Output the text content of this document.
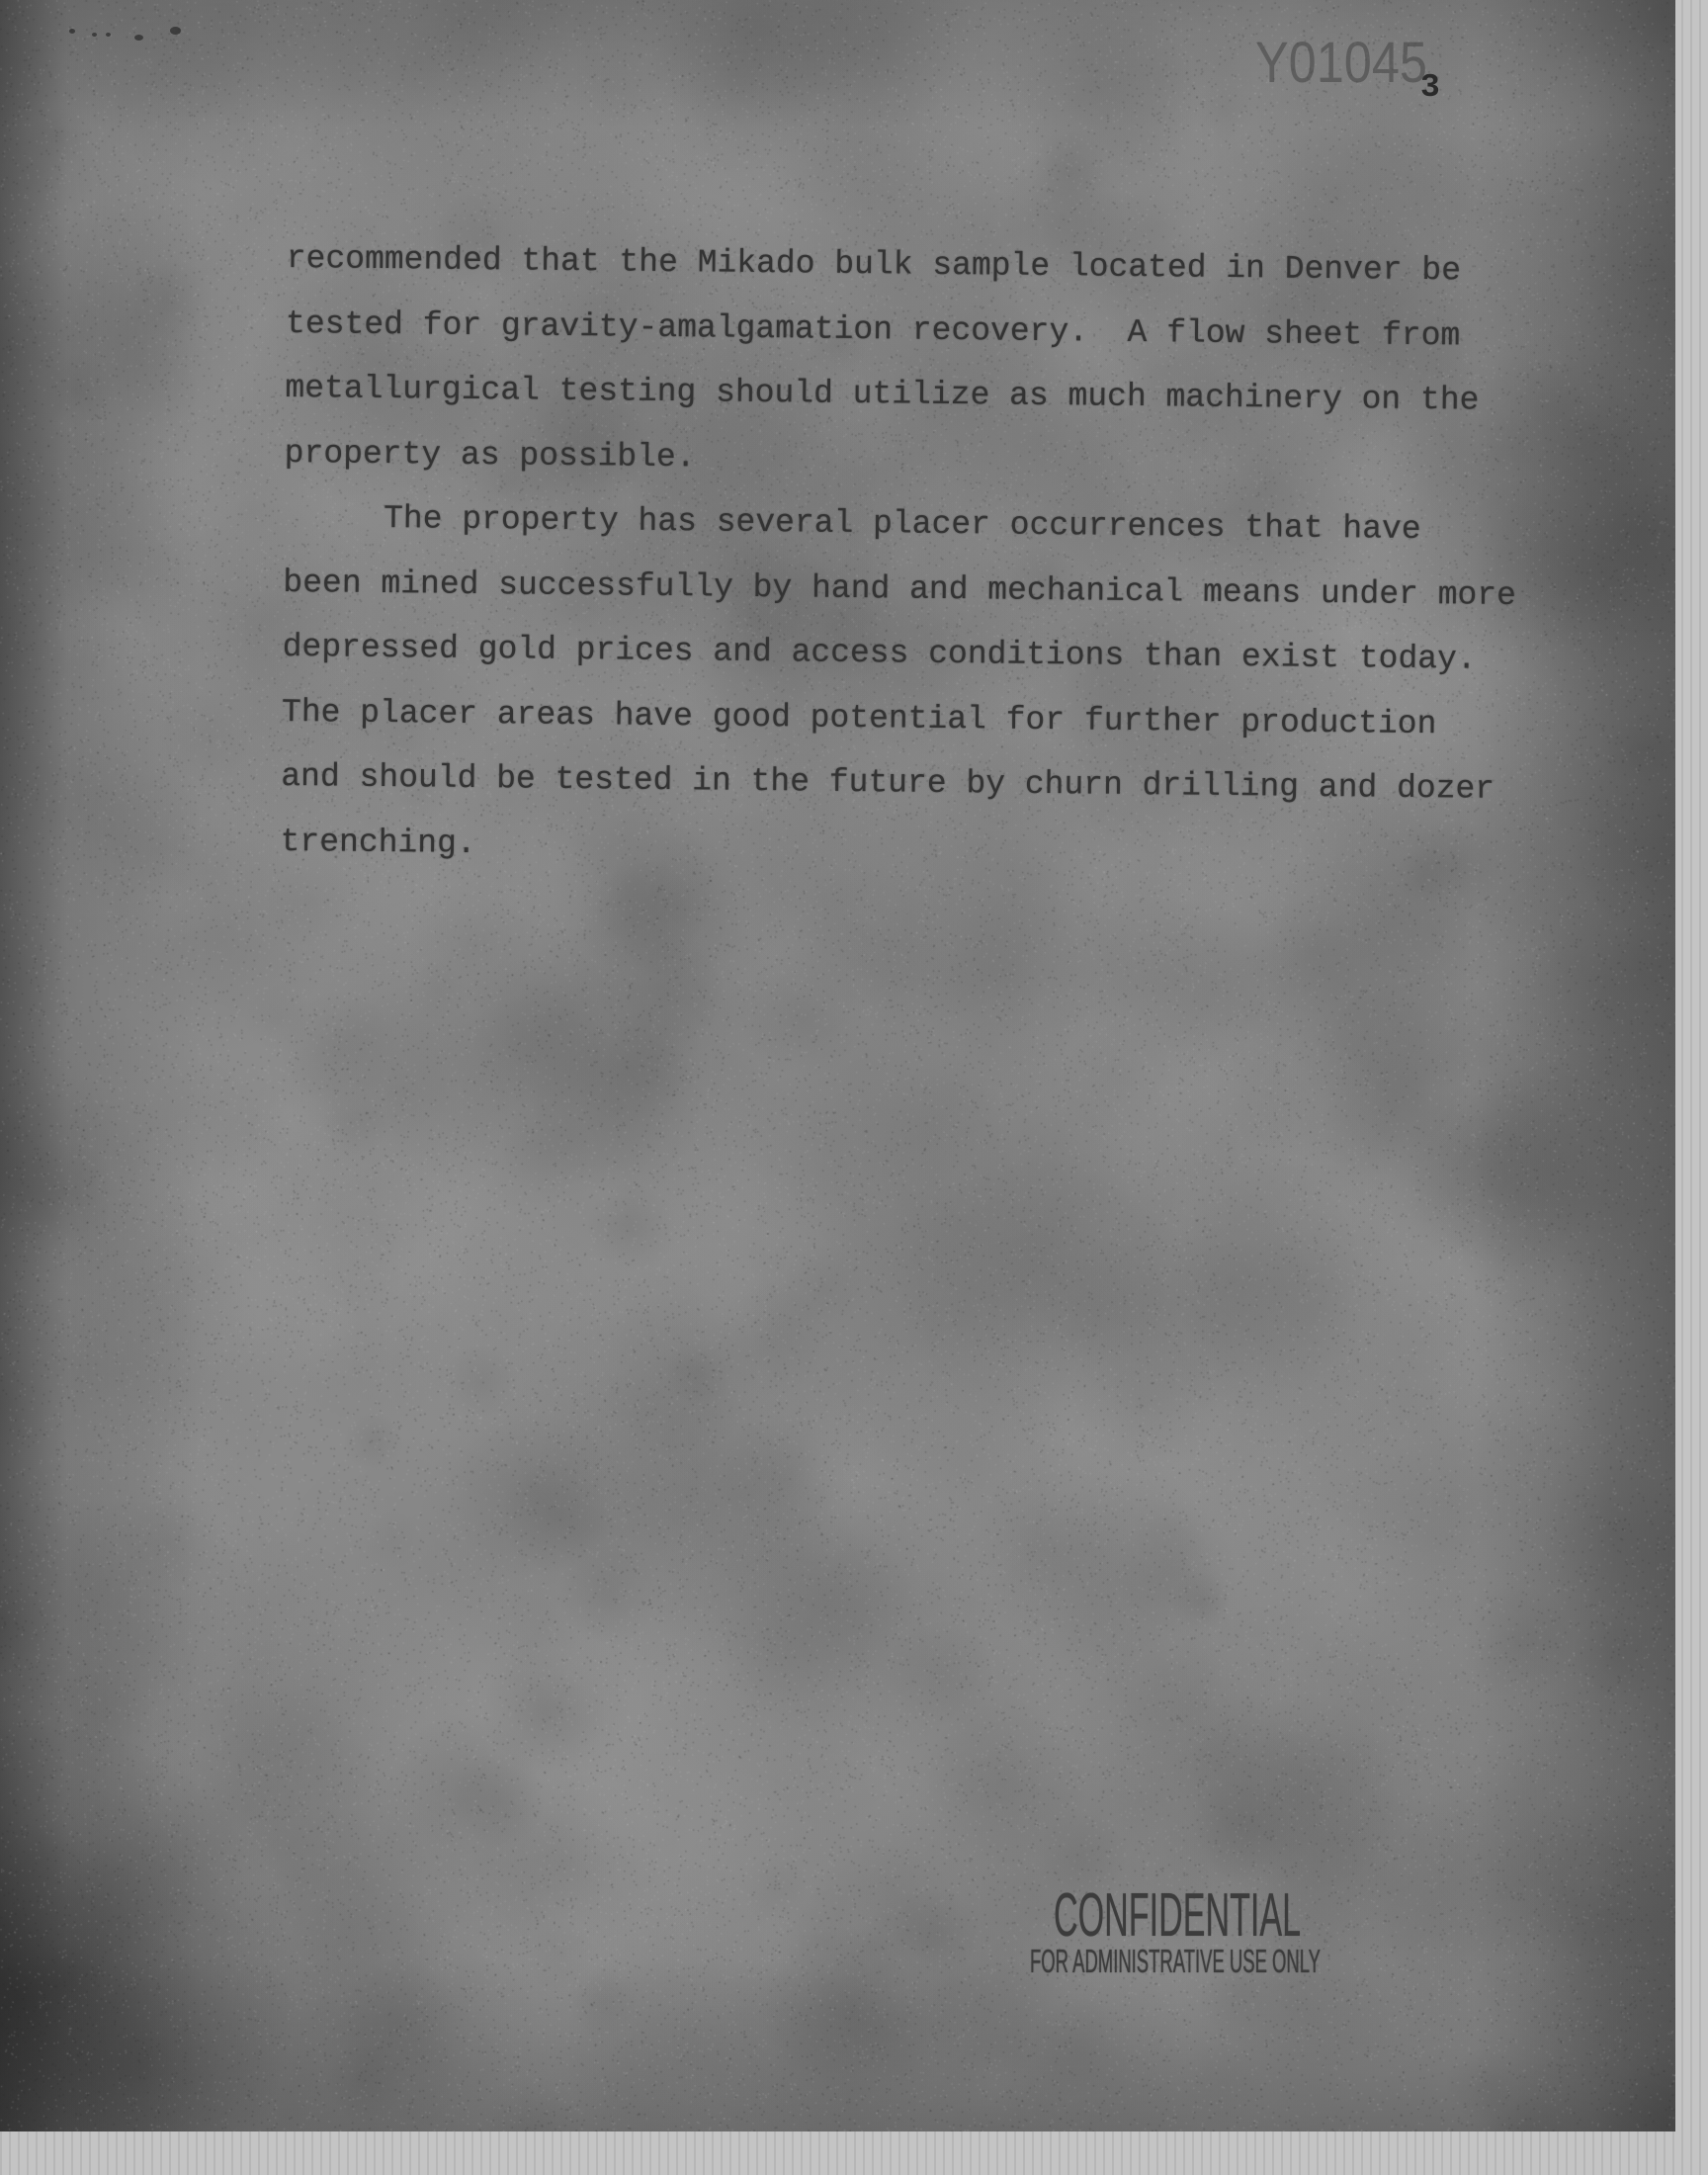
Y01045
3
recommended that the Mikado bulk sample located in Denver be
tested for gravity-amalgamation recovery.  A flow sheet from
metallurgical testing should utilize as much machinery on the
property as possible.
The property has several placer occurrences that have
been mined successfully by hand and mechanical means under more
depressed gold prices and access conditions than exist today.
The placer areas have good potential for further production
and should be tested in the future by churn drilling and dozer
trenching.
CONFIDENTIAL
FOR ADMINISTRATIVE USE ONLY
